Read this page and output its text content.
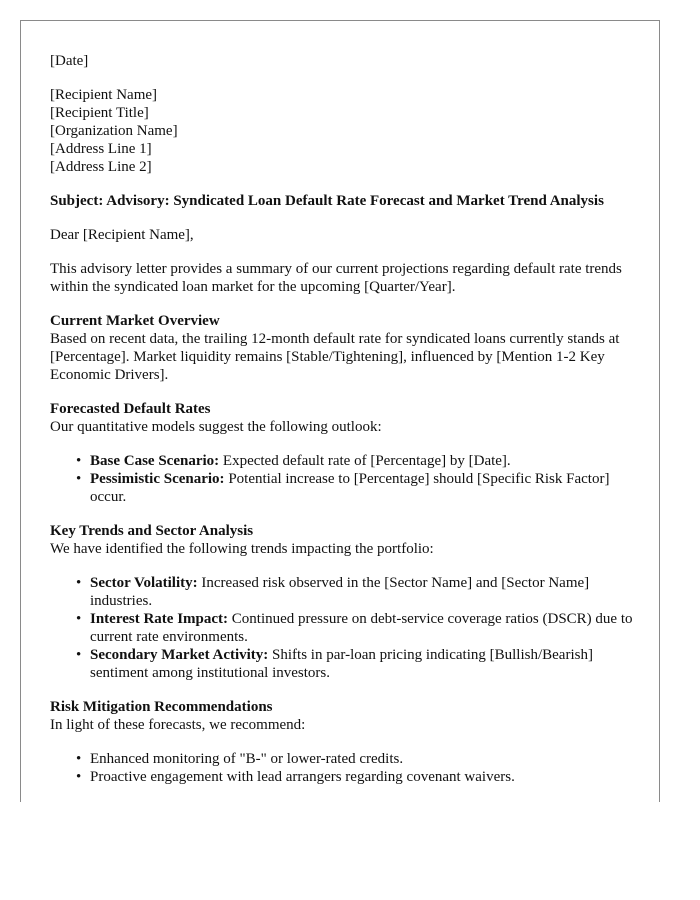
[Date]

[Recipient Name]
[Recipient Title]
[Organization Name]
[Address Line 1]
[Address Line 2]

Subject: Advisory: Syndicated Loan Default Rate Forecast and Market Trend Analysis

Dear [Recipient Name],

This advisory letter provides a summary of our current projections regarding default rate trends within the syndicated loan market for the upcoming [Quarter/Year].

Current Market Overview
Based on recent data, the trailing 12-month default rate for syndicated loans currently stands at [Percentage]. Market liquidity remains [Stable/Tightening], influenced by [Mention 1-2 Key Economic Drivers].
Forecasted Default Rates
Our quantitative models suggest the following outlook:
• Base Case Scenario: Expected default rate of [Percentage] by [Date].
• Pessimistic Scenario: Potential increase to [Percentage] should [Specific Risk Factor] occur.
Key Trends and Sector Analysis
We have identified the following trends impacting the portfolio:
• Sector Volatility: Increased risk observed in the [Sector Name] and [Sector Name] industries.
• Interest Rate Impact: Continued pressure on debt-service coverage ratios (DSCR) due to current rate environments.
• Secondary Market Activity: Shifts in par-loan pricing indicating [Bullish/Bearish] sentiment among institutional investors.
Risk Mitigation Recommendations
In light of these forecasts, we recommend:
• Enhanced monitoring of "B-" or lower-rated credits.
• Proactive engagement with lead arrangers regarding covenant waivers.
